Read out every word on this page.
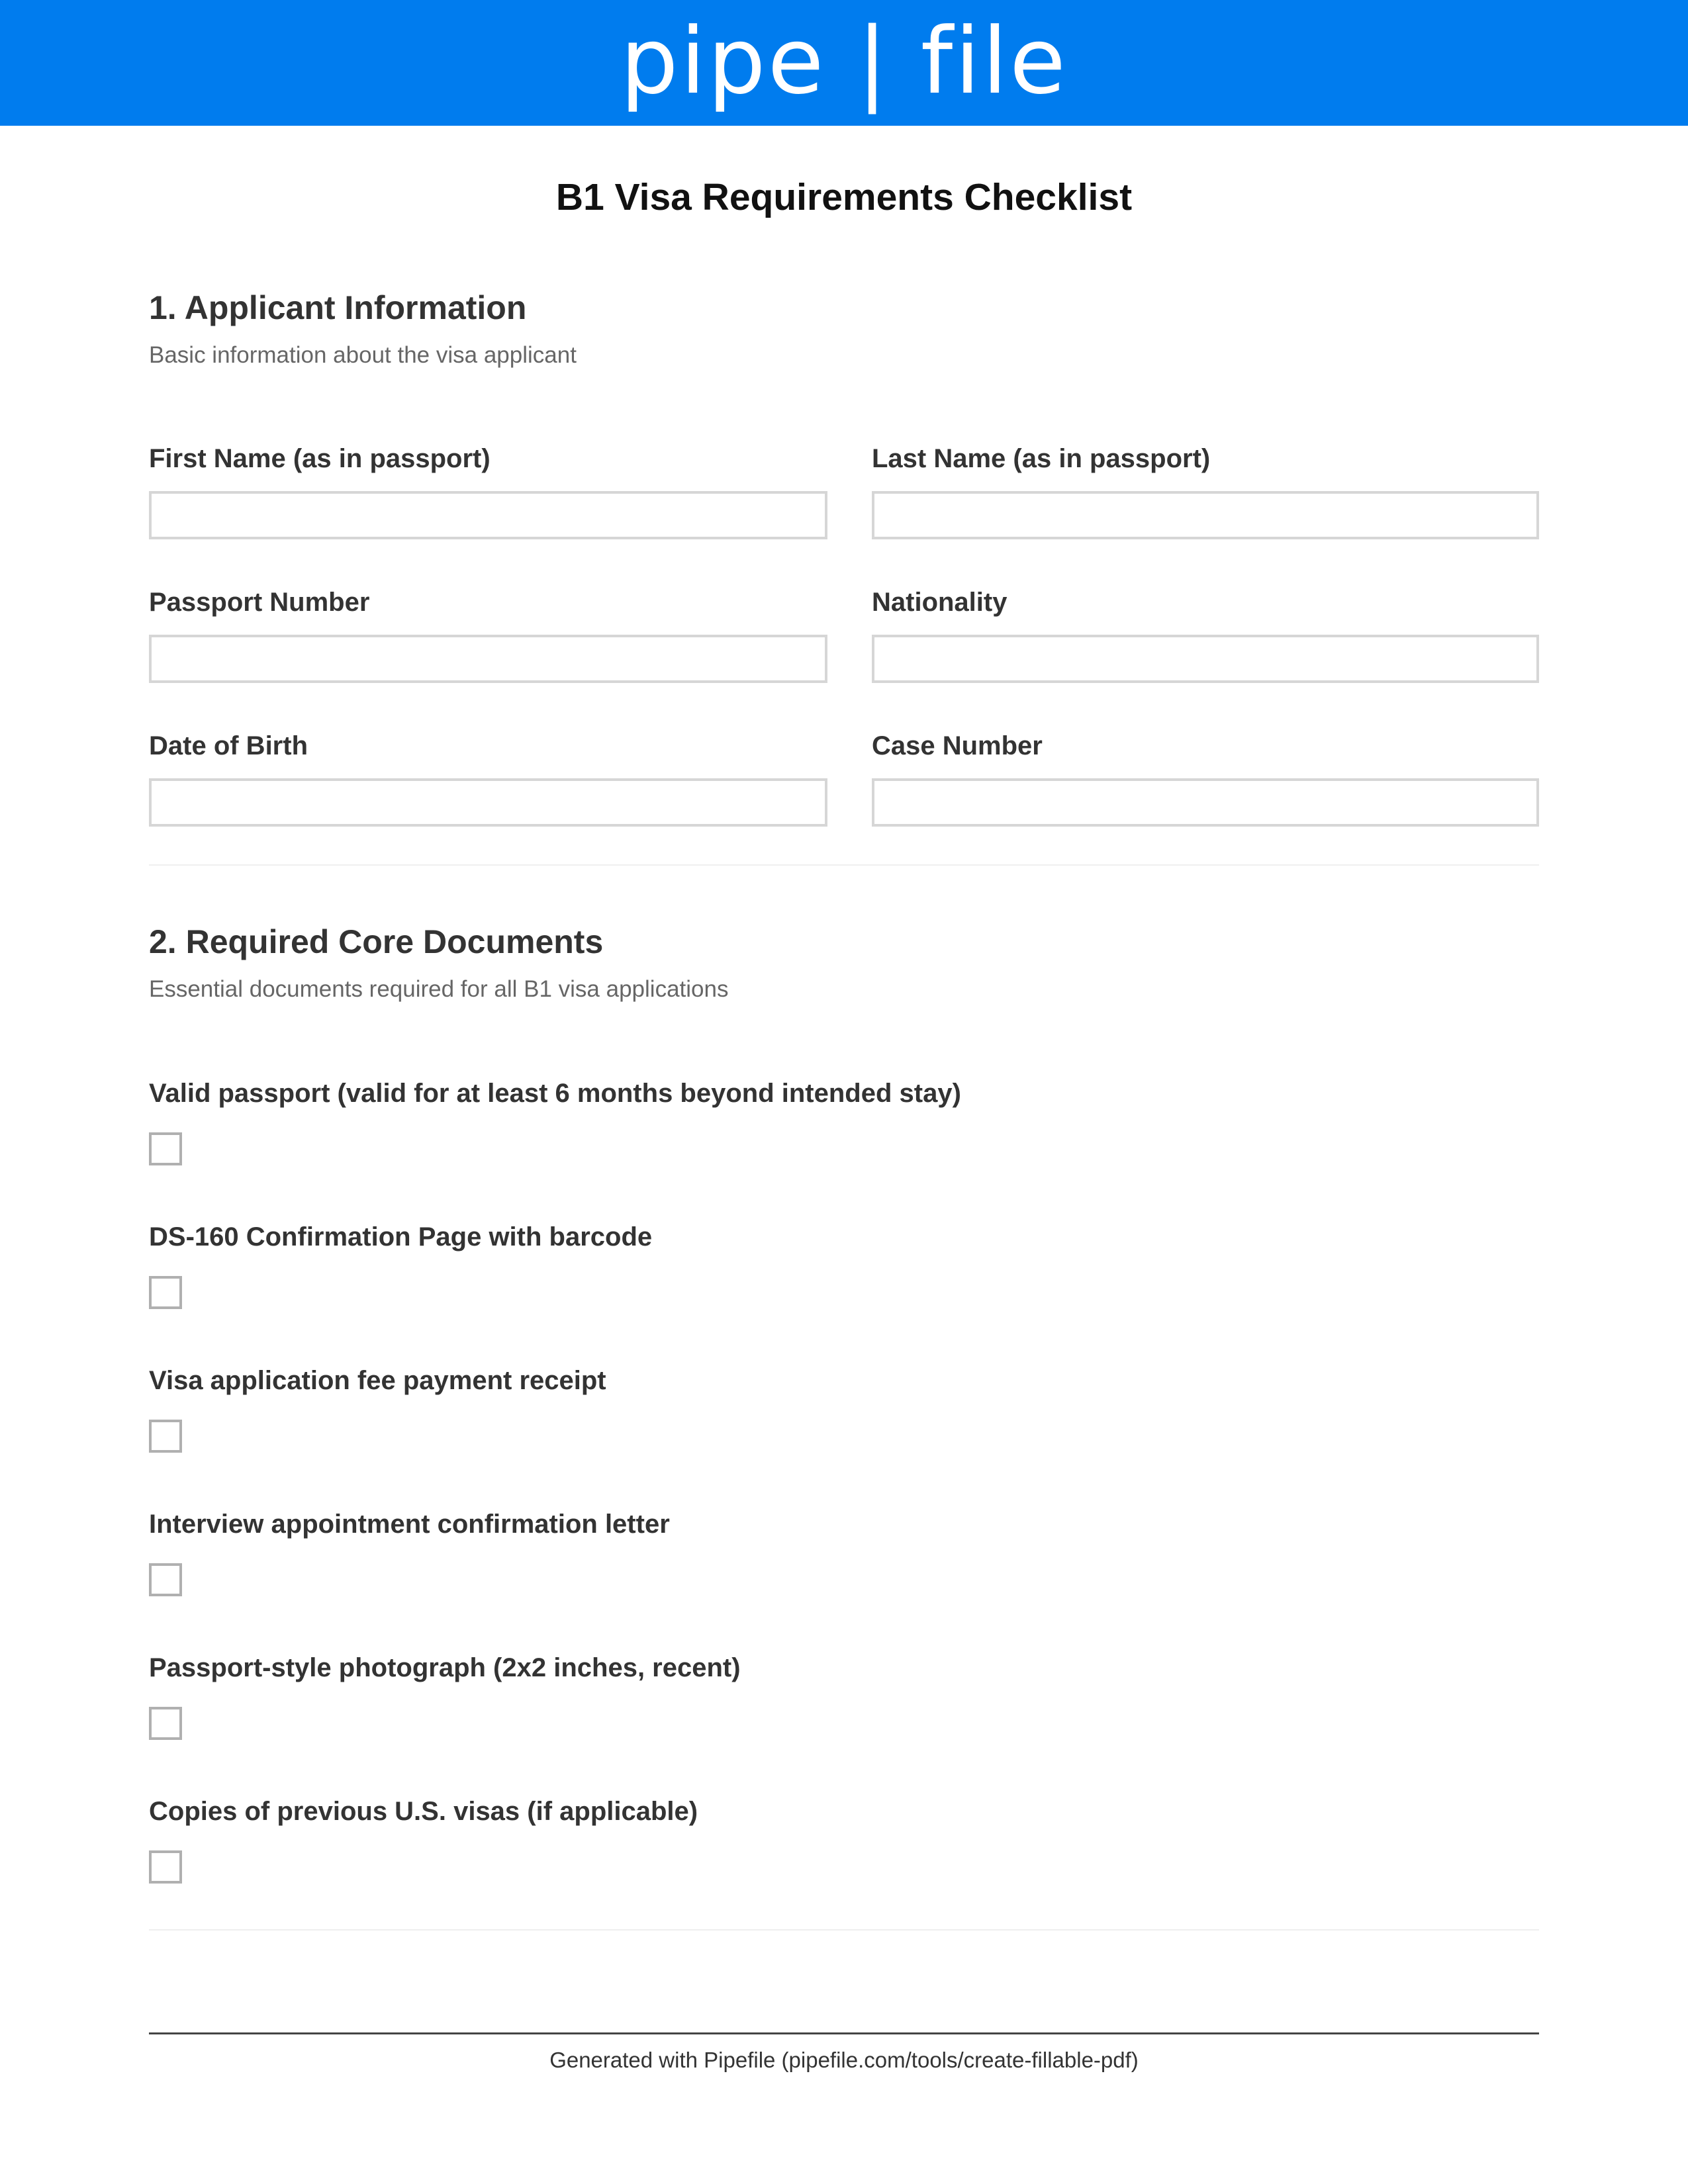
pipe | file
B1 Visa Requirements Checklist
1. Applicant Information
Basic information about the visa applicant
First Name (as in passport)	Last Name (as in passport)
Passport Number	Nationality
Date of Birth	Case Number
2. Required Core Documents
Essential documents required for all B1 visa applications
Valid passport (valid for at least 6 months beyond intended stay)
DS-160 Confirmation Page with barcode
Visa application fee payment receipt
Interview appointment confirmation letter
Passport-style photograph (2x2 inches, recent)
Copies of previous U.S. visas (if applicable)
Generated with Pipefile (pipefile.com/tools/create-fillable-pdf)
